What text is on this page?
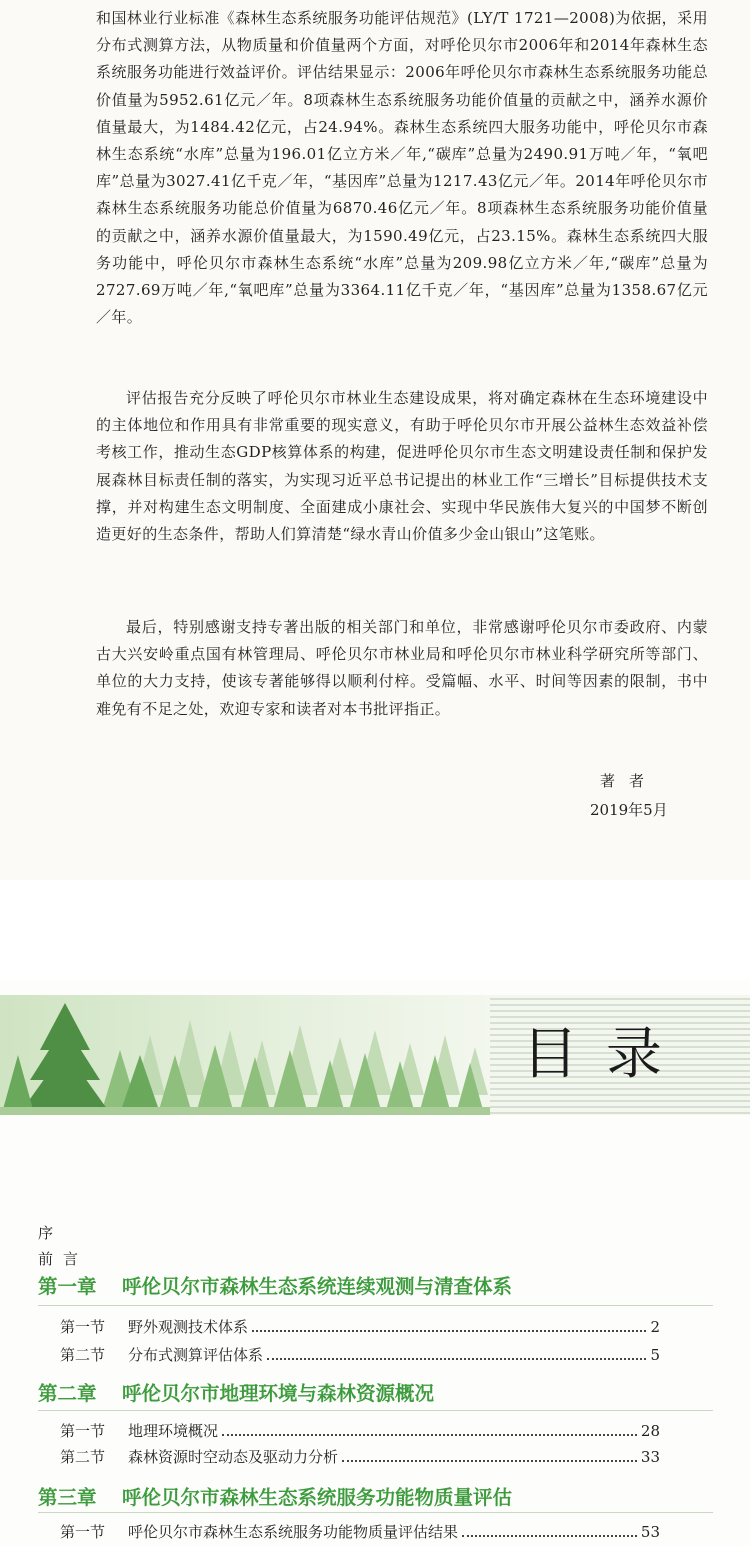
和国林业行业标准《森林生态系统服务功能评估规范》(LY/T 1721—2008)为依据，采用分布式测算方法，从物质量和价值量两个方面，对呼伦贝尔市2006年和2014年森林生态系统服务功能进行效益评价。评估结果显示：2006年呼伦贝尔市森林生态系统服务功能总价值量为5952.61亿元／年。8项森林生态系统服务功能价值量的贡献之中，涵养水源价值量最大，为1484.42亿元，占24.94%。森林生态系统四大服务功能中，呼伦贝尔市森林生态系统“水库”总量为196.01亿立方米／年,“碳库”总量为2490.91万吨／年，“氧吧库”总量为3027.41亿千克／年，“基因库”总量为1217.43亿元／年。2014年呼伦贝尔市森林生态系统服务功能总价值量为6870.46亿元／年。8项森林生态系统服务功能价值量的贡献之中，涵养水源价值量最大，为1590.49亿元，占23.15%。森林生态系统四大服务功能中，呼伦贝尔市森林生态系统“水库”总量为209.98亿立方米／年,“碳库”总量为2727.69万吨／年,“氧吧库”总量为3364.11亿千克／年，“基因库”总量为1358.67亿元／年。

评估报告充分反映了呼伦贝尔市林业生态建设成果，将对确定森林在生态环境建设中的主体地位和作用具有非常重要的现实意义，有助于呼伦贝尔市开展公益林生态效益补偿考核工作，推动生态GDP核算体系的构建，促进呼伦贝尔市生态文明建设责任制和保护发展森林目标责任制的落实，为实现习近平总书记提出的林业工作“三增长”目标提供技术支撑，并对构建生态文明制度、全面建成小康社会、实现中华民族伟大复兴的中国梦不断创造更好的生态条件，帮助人们算清楚“绿水青山价值多少金山银山”这笔账。

最后，特别感谢支持专著出版的相关部门和单位，非常感谢呼伦贝尔市委政府、内蒙古大兴安岭重点国有林管理局、呼伦贝尔市林业局和呼伦贝尔市林业科学研究所等部门、单位的大力支持，使该专著能够得以顺利付梓。受篇幅、水平、时间等因素的限制，书中难免有不足之处，欢迎专家和读者对本书批评指正。

著者

2019年5月

目录

序

前言

第一章 呼伦贝尔市森林生态系统连续观测与清查体系

第一节	野外观测技术体系	2
第二节	分布式测算评估体系	5

第二章 呼伦贝尔市地理环境与森林资源概况

第一节	地理环境概况	28
第二节	森林资源时空动态及驱动力分析	33

第三章 呼伦贝尔市森林生态系统服务功能物质量评估

第一节	呼伦贝尔市森林生态系统服务功能物质量评估结果	53
